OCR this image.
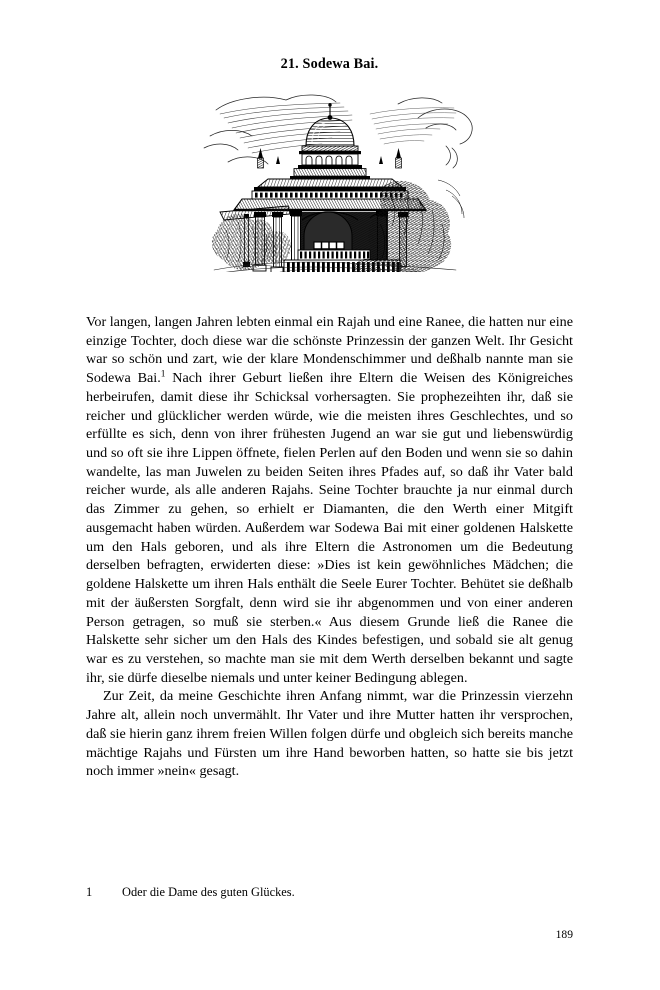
21. Sodewa Bai.

Vor langen, langen Jahren lebten einmal ein Rajah und eine Ranee, die hatten nur eine einzige Tochter, doch diese war die schönste Prinzessin der ganzen Welt. Ihr Gesicht war so schön und zart, wie der klare Mondenschimmer und deßhalb nannte man sie Sodewa Bai.$^1$ Nach ihrer Geburt ließen ihre Eltern die Weisen des Königreiches herbeirufen, damit diese ihr Schicksal vorhersagten. Sie prophezeihten ihr, daß sie reicher und glücklicher werden würde, wie die meisten ihres Geschlechtes, und so erfüllte es sich, denn von ihrer frühesten Jugend an war sie gut und liebenswürdig und so oft sie ihre Lippen öffnete, fielen Perlen auf den Boden und wenn sie so dahin wandelte, las man Juwelen zu beiden Seiten ihres Pfades auf, so daß ihr Vater bald reicher wurde, als alle anderen Rajahs. Seine Tochter brauchte ja nur einmal durch das Zimmer zu gehen, so erhielt er Diamanten, die den Werth einer Mitgift ausgemacht haben würden. Außerdem war Sodewa Bai mit einer goldenen Halskette um den Hals geboren, und als ihre Eltern die Astronomen um die Bedeutung derselben befragten, erwiderten diese: »Dies ist kein gewöhnliches Mädchen; die goldene Halskette um ihren Hals enthält die Seele Eurer Tochter. Behütet sie deßhalb mit der äußersten Sorgfalt, denn wird sie ihr abgenommen und von einer anderen Person getragen, so muß sie sterben.« Aus diesem Grunde ließ die Ranee die Halskette sehr sicher um den Hals des Kindes befestigen, und sobald sie alt genug war es zu verstehen, so machte man sie mit dem Werth derselben bekannt und sagte ihr, sie dürfe dieselbe niemals und unter keiner Bedingung ablegen.

Zur Zeit, da meine Geschichte ihren Anfang nimmt, war die Prinzessin vierzehn Jahre alt, allein noch unvermählt. Ihr Vater und ihre Mutter hatten ihr versprochen, daß sie hierin ganz ihrem freien Willen folgen dürfe und obgleich sich bereits manche mächtige Rajahs und Fürsten um ihre Hand beworben hatten, so hatte sie bis jetzt noch immer »nein« gesagt.

1	Oder die Dame des guten Glückes.
189
